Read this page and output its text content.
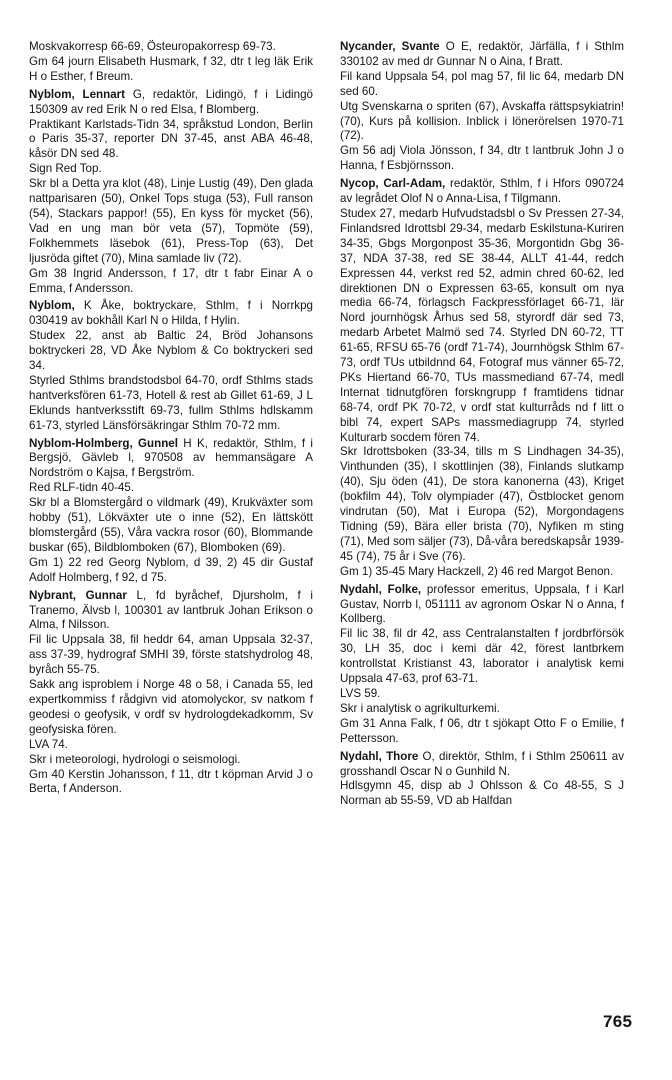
Moskvakorresp 66-69, Östeuropakorresp 69-73.

Gm 64 journ Elisabeth Husmark, f 32, dtr t leg läk Erik H o Esther, f Breum.

Nyblom, Lennart G, redaktör, Lidingö, f i Lidingö 150309 av red Erik N o red Elsa, f Blomberg.

Praktikant Karlstads-Tidn 34, språkstud London, Berlin o Paris 35-37, reporter DN 37-45, anst ABA 46-48, kåsör DN sed 48.

Sign Red Top.

Skr bl a Detta yra klot (48), Linje Lustig (49), Den glada nattparisaren (50), Onkel Tops stuga (53), Full ranson (54), Stackars pappor! (55), En kyss för mycket (56), Vad en ung man bör veta (57), Topmöte (59), Folkhemmets läsebok (61), Press-Top (63), Det ljusröda giftet (70), Mina samlade liv (72).

Gm 38 Ingrid Andersson, f 17, dtr t fabr Einar A o Emma, f Andersson.

Nyblom, K Åke, boktryckare, Sthlm, f i Norrkpg 030419 av bokhåll Karl N o Hilda, f Hylin.

Studex 22, anst ab Baltic 24, Bröd Johansons boktryckeri 28, VD Åke Nyblom & Co boktryckeri sed 34.

Styrled Sthlms brandstodsbol 64-70, ordf Sthlms stads hantverksfören 61-73, Hotell & rest ab Gillet 61-69, J L Eklunds hantverksstift 69-73, fullm Sthlms hdlskamm 61-73, styrled Länsförsäkringar Sthlm 70-72 mm.

Nyblom-Holmberg, Gunnel H K, redaktör, Sthlm, f i Bergsjö, Gävleb l, 970508 av hemmansägare A Nordström o Kajsa, f Bergström.

Red RLF-tidn 40-45.

Skr bl a Blomstergård o vildmark (49), Krukväxter som hobby (51), Lökväxter ute o inne (52), En lättskött blomstergård (55), Våra vackra rosor (60), Blommande buskar (65), Bildblomboken (67), Blomboken (69).

Gm 1) 22 red Georg Nyblom, d 39, 2) 45 dir Gustaf Adolf Holmberg, f 92, d 75.

Nybrant, Gunnar L, fd byråchef, Djursholm, f i Tranemo, Älvsb l, 100301 av lantbruk Johan Erikson o Alma, f Nilsson.

Fil lic Uppsala 38, fil heddr 64, aman Uppsala 32-37, ass 37-39, hydrograf SMHI 39, förste statshydrolog 48, byråch 55-75.

Sakk ang isproblem i Norge 48 o 58, i Canada 55, led expertkommiss f rådgivn vid atomolyckor, sv natkom f geodesi o geofysik, v ordf sv hydrologdekadkomm, Sv geofysiska fören.

LVA 74.

Skr i meteorologi, hydrologi o seismologi.

Gm 40 Kerstin Johansson, f 11, dtr t köpman Arvid J o Berta, f Anderson.

Nycander, Svante O E, redaktör, Järfälla, f i Sthlm 330102 av med dr Gunnar N o Aina, f Bratt.

Fil kand Uppsala 54, pol mag 57, fil lic 64, medarb DN sed 60.

Utg Svenskarna o spriten (67), Avskaffa rättspsykiatrin! (70), Kurs på kollision. Inblick i lönerörelsen 1970-71 (72).

Gm 56 adj Viola Jönsson, f 34, dtr t lantbruk John J o Hanna, f Esbjörnsson.

Nycop, Carl-Adam, redaktör, Sthlm, f i Hfors 090724 av legrådet Olof N o Anna-Lisa, f Tilgmann.

Studex 27, medarb Hufvudstadsbl o Sv Pressen 27-34, Finlandsred Idrottsbl 29-34, medarb Eskilstuna-Kuriren 34-35, Gbgs Morgonpost 35-36, Morgontidn Gbg 36-37, NDA 37-38, red SE 38-44, ALLT 41-44, redch Expressen 44, verkst red 52, admin chred 60-62, led direktionen DN o Expressen 63-65, konsult om nya media 66-74, förlagsch Fackpressförlaget 66-71, lär Nord journhögsk Århus sed 58, styrordf där sed 73, medarb Arbetet Malmö sed 74. Styrled DN 60-72, TT 61-65, RFSU 65-76 (ordf 71-74), Journhögsk Sthlm 67-73, ordf TUs utbildnnd 64, Fotograf mus vänner 65-72, PKs Hiertand 66-70, TUs massmediand 67-74, medl Internat tidnutgfören forskngrupp f framtidens tidnar 68-74, ordf PK 70-72, v ordf stat kulturråds nd f litt o bibl 74, expert SAPs massmediagrupp 74, styrled Kulturarb socdem fören 74.

Skr Idrottsboken (33-34, tills m S Lindhagen 34-35), Vinthunden (35), I skottlinjen (38), Finlands slutkamp (40), Sju öden (41), De stora kanonerna (43), Kriget (bokfilm 44), Tolv olympiader (47), Östblocket genom vindrutan (50), Mat i Europa (52), Morgondagens Tidning (59), Bära eller brista (70), Nyfiken m sting (71), Med som säljer (73), Då-våra beredskapsår 1939-45 (74), 75 år i Sve (76).

Gm 1) 35-45 Mary Hackzell, 2) 46 red Margot Benon.

Nydahl, Folke, professor emeritus, Uppsala, f i Karl Gustav, Norrb l, 051111 av agronom Oskar N o Anna, f Kollberg.

Fil lic 38, fil dr 42, ass Centralanstalten f jordbrförsök 30, LH 35, doc i kemi där 42, förest lantbrkem kontrollstat Kristianst 43, laborator i analytisk kemi Uppsala 47-63, prof 63-71.

LVS 59.

Skr i analytisk o agrikulturkemi.

Gm 31 Anna Falk, f 06, dtr t sjökapt Otto F o Emilie, f Pettersson.

Nydahl, Thore O, direktör, Sthlm, f i Sthlm 250611 av grosshandl Oscar N o Gunhild N.

Hdlsgymn 45, disp ab J Ohlsson & Co 48-55, S J Norman ab 55-59, VD ab Halfdan

765
